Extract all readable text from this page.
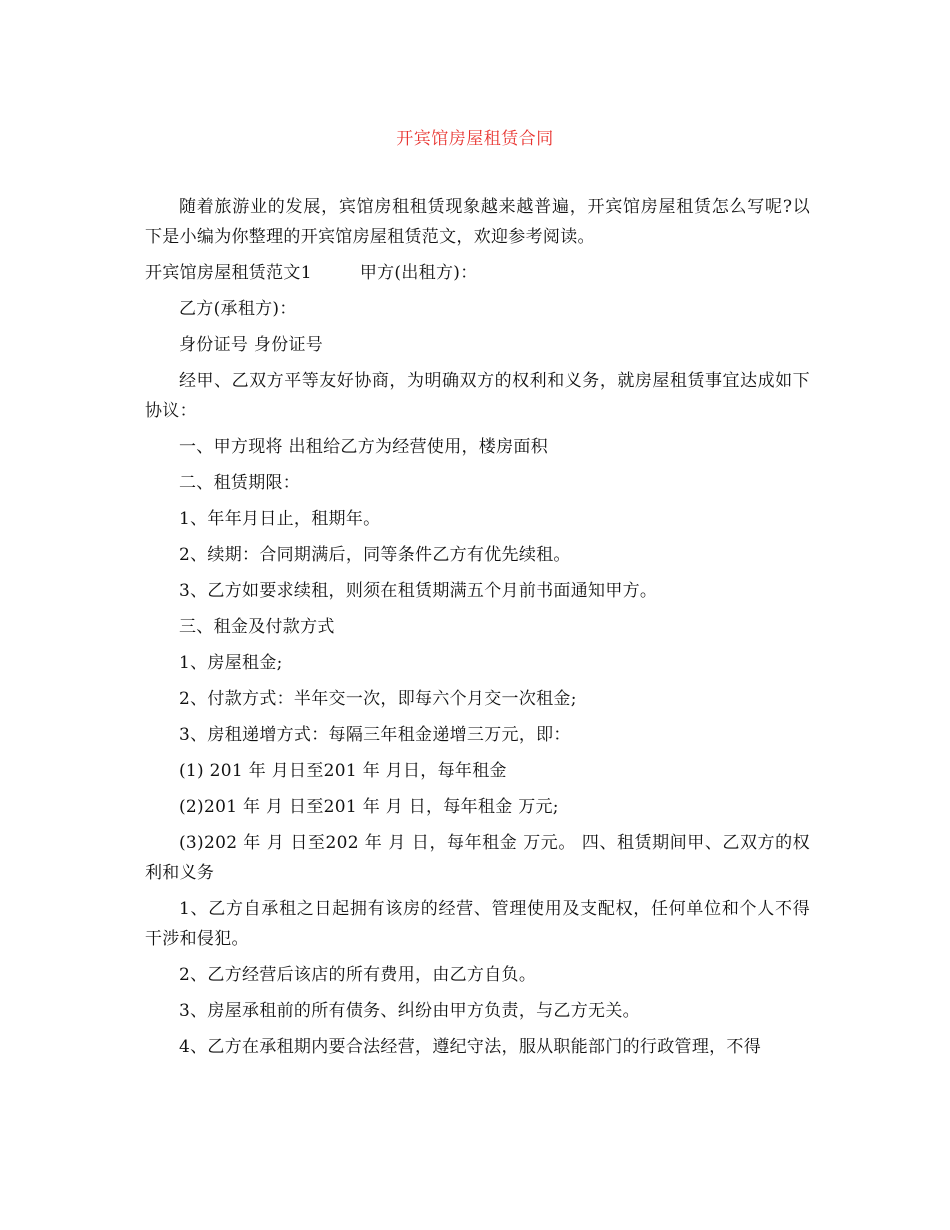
开宾馆房屋租赁合同

随着旅游业的发展，宾馆房租租赁现象越来越普遍，开宾馆房屋租赁怎么写呢?以下是小编为你整理的开宾馆房屋租赁范文，欢迎参考阅读。

开宾馆房屋租赁范文1	甲方(出租方)：

乙方(承租方)：

身份证号 身份证号

经甲、乙双方平等友好协商，为明确双方的权利和义务，就房屋租赁事宜达成如下协议：

一、甲方现将 出租给乙方为经营使用，楼房面积

二、租赁期限：

1、年年月日止，租期年。

2、续期：合同期满后，同等条件乙方有优先续租。

3、乙方如要求续租，则须在租赁期满五个月前书面通知甲方。

三、租金及付款方式

1、房屋租金;

2、付款方式：半年交一次，即每六个月交一次租金;

3、房租递增方式：每隔三年租金递增三万元，即：

(1) 201 年 月日至201 年 月日，每年租金

(2)201 年 月 日至201 年 月 日，每年租金 万元;

(3)202 年 月 日至202 年 月 日，每年租金 万元。 四、租赁期间甲、乙双方的权利和义务

1、乙方自承租之日起拥有该房的经营、管理使用及支配权，任何单位和个人不得干涉和侵犯。

2、乙方经营后该店的所有费用，由乙方自负。

3、房屋承租前的所有债务、纠纷由甲方负责，与乙方无关。

4、乙方在承租期内要合法经营，遵纪守法，服从职能部门的行政管理，不得
